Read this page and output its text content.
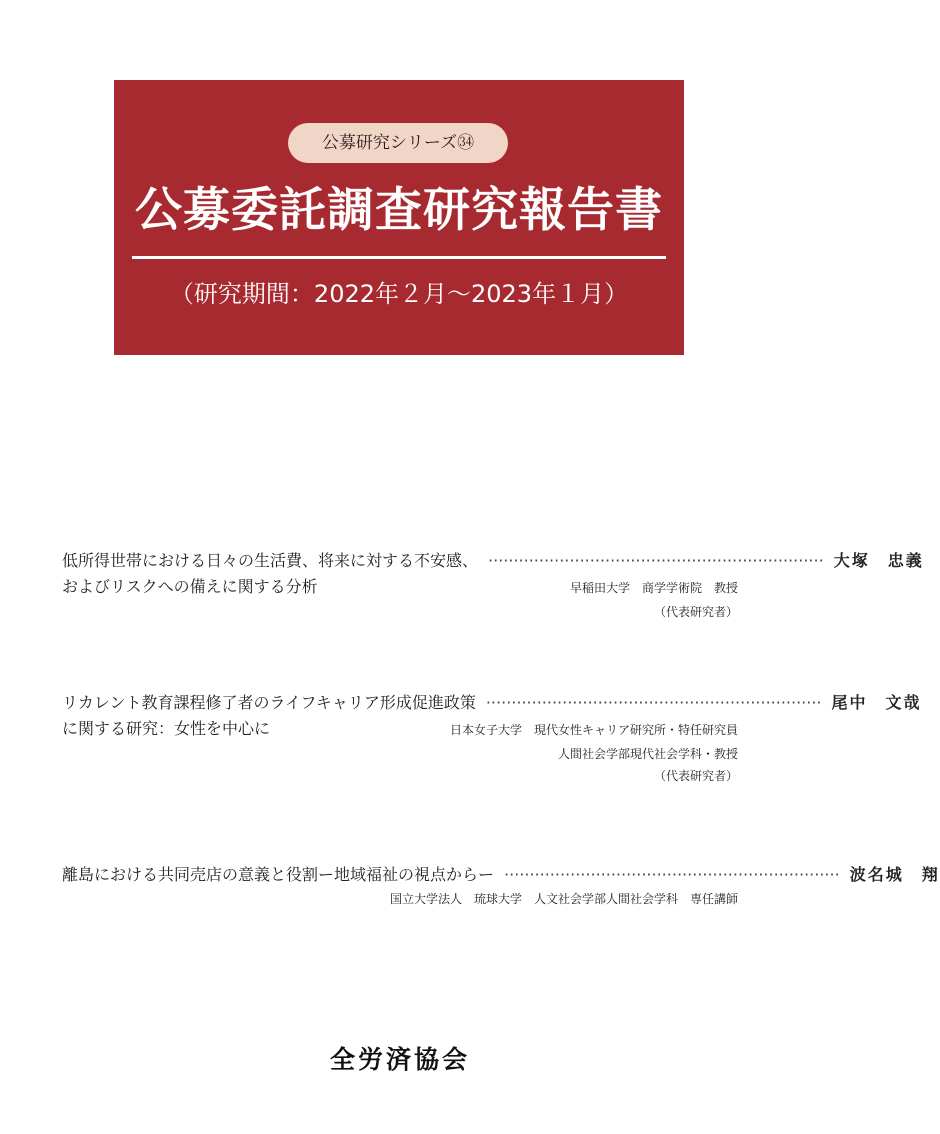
公募研究シリーズ㉞
公募委託調査研究報告書
（研究期間：2022年２月～2023年１月）
低所得世帯における日々の生活費、将来に対する不安感、 ·································································· 大塚　忠義
およびリスクへの備えに関する分析	早稲田大学　商学学術院　教授
（代表研究者）
リカレント教育課程修了者のライフキャリア形成促進政策 ·································································· 尾中　文哉
に関する研究：女性を中心に	日本女子大学　現代女性キャリア研究所・特任研究員
人間社会学部現代社会学科・教授
（代表研究者）
離島における共同売店の意義と役割ー地域福祉の視点からー ·································································· 波名城　翔
国立大学法人　琉球大学　人文社会学部人間社会学科　専任講師
全労済協会
